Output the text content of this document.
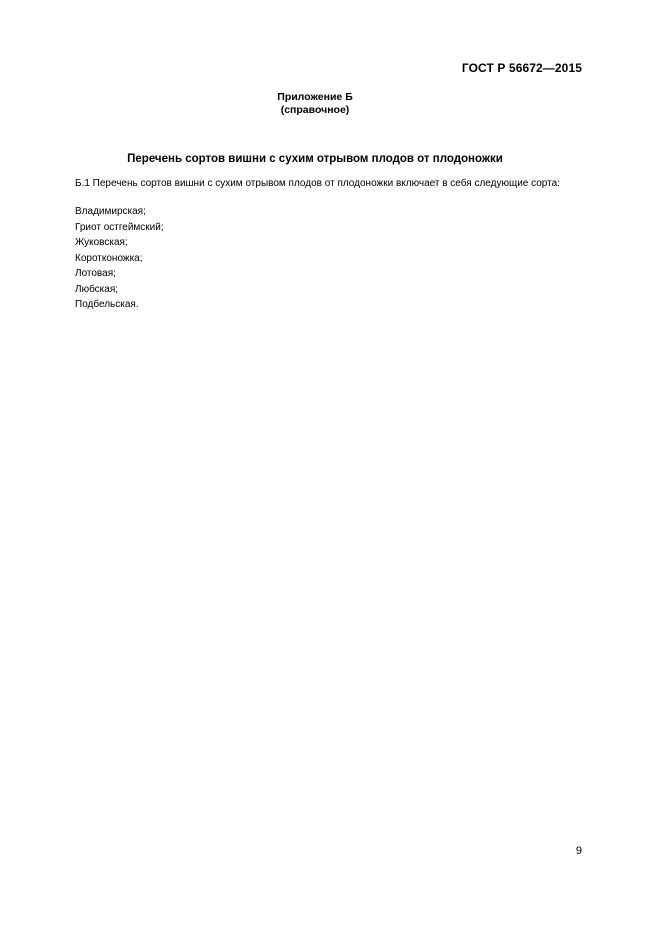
ГОСТ Р 56672—2015
Приложение Б
(справочное)
Перечень сортов вишни с сухим отрывом плодов от плодоножки
Б.1 Перечень сортов вишни с сухим отрывом плодов от плодоножки включает в себя следующие сорта:
Владимирская;
Гриот остгеймский;
Жуковская;
Коротконожка;
Лотовая;
Любская;
Подбельская.
9
